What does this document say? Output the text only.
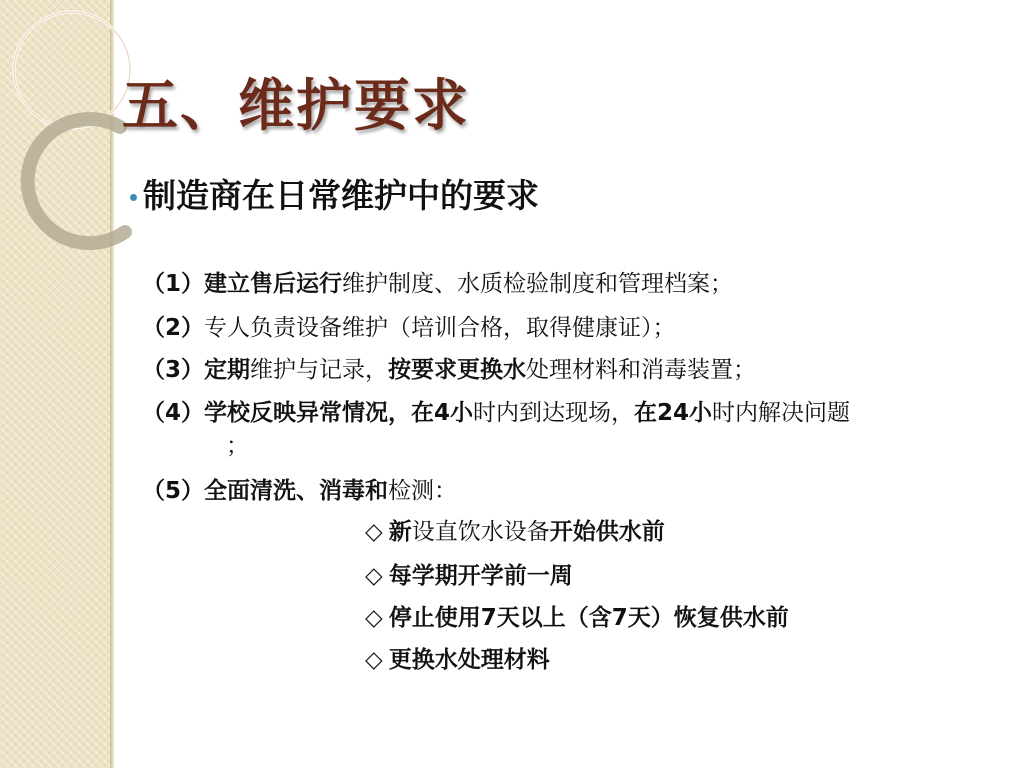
五、维护要求
制造商在日常维护中的要求
（1）建立售后运行维护制度、水质检验制度和管理档案；
（2）专人负责设备维护（培训合格，取得健康证）；
（3）定期维护与记录，按要求更换水处理材料和消毒装置；
（4）学校反映异常情况，在4小时内到达现场，在24小时内解决问题
；
（5）全面清洗、消毒和检测：
◇ 新设直饮水设备开始供水前
◇ 每学期开学前一周
◇ 停止使用7天以上（含7天）恢复供水前
◇ 更换水处理材料
